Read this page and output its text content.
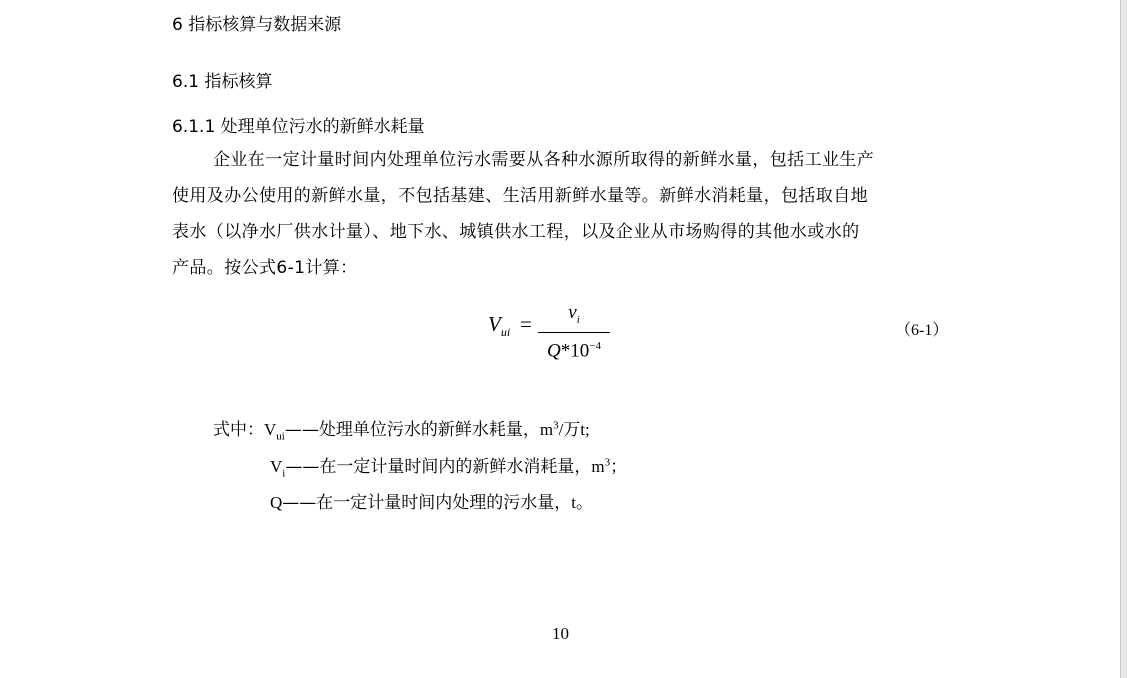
6 指标核算与数据来源
6.1 指标核算
6.1.1 处理单位污水的新鲜水耗量
企业在一定计量时间内处理单位污水需要从各种水源所取得的新鲜水量，包括工业生产
使用及办公使用的新鲜水量，不包括基建、生活用新鲜水量等。新鲜水消耗量，包括取自地
表水（以净水厂供水计量）、地下水、城镇供水工程，以及企业从市场购得的其他水或水的
产品。按公式6-1计算：
$V_{ui}$ =	$v_i$
$Q*10^{-4}$
（6-1）
式中：$V_{ui}——$处理单位污水的新鲜水耗量，$m^3/$万t;
$V_i——$在一定计量时间内的新鲜水消耗量，$m^3$；
Q——在一定计量时间内处理的污水量，t。
10
